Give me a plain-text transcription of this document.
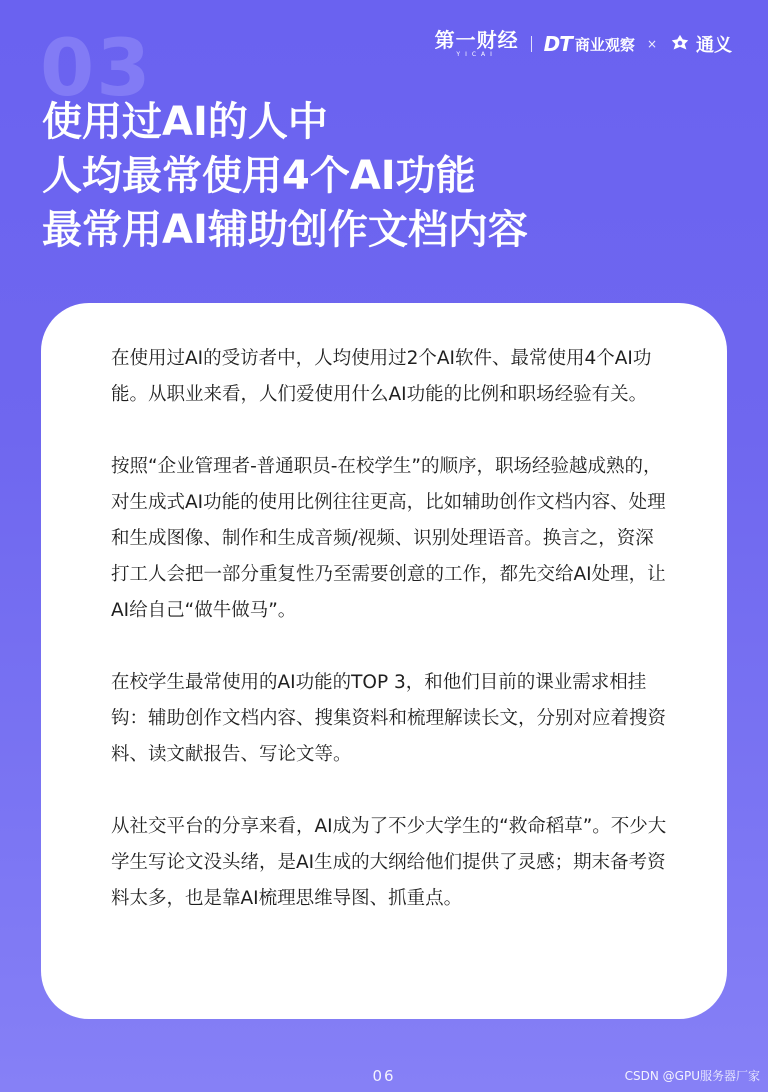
03	第一财经
YICAI DT 商业观察 × 通义
使用过AI的人中
人均最常使用4个AI功能
最常用AI辅助创作文档内容

在使用过AI的受访者中，人均使用过2个AI软件、最常使用4个AI功能。从职业来看，人们爱使用什么AI功能的比例和职场经验有关。

按照“企业管理者-普通职员-在校学生”的顺序，职场经验越成熟的，对生成式AI功能的使用比例往往更高，比如辅助创作文档内容、处理和生成图像、制作和生成音频/视频、识别处理语音。换言之，资深打工人会把一部分重复性乃至需要创意的工作，都先交给AI处理，让AI给自己“做牛做马”。

在校学生最常使用的AI功能的TOP 3，和他们目前的课业需求相挂钩：辅助创作文档内容、搜集资料和梳理解读长文，分别对应着搜资料、读文献报告、写论文等。

从社交平台的分享来看，AI成为了不少大学生的“救命稻草”。不少大学生写论文没头绪，是AI生成的大纲给他们提供了灵感；期末备考资料太多，也是靠AI梳理思维导图、抓重点。

06	CSDN @GPU服务器厂家
